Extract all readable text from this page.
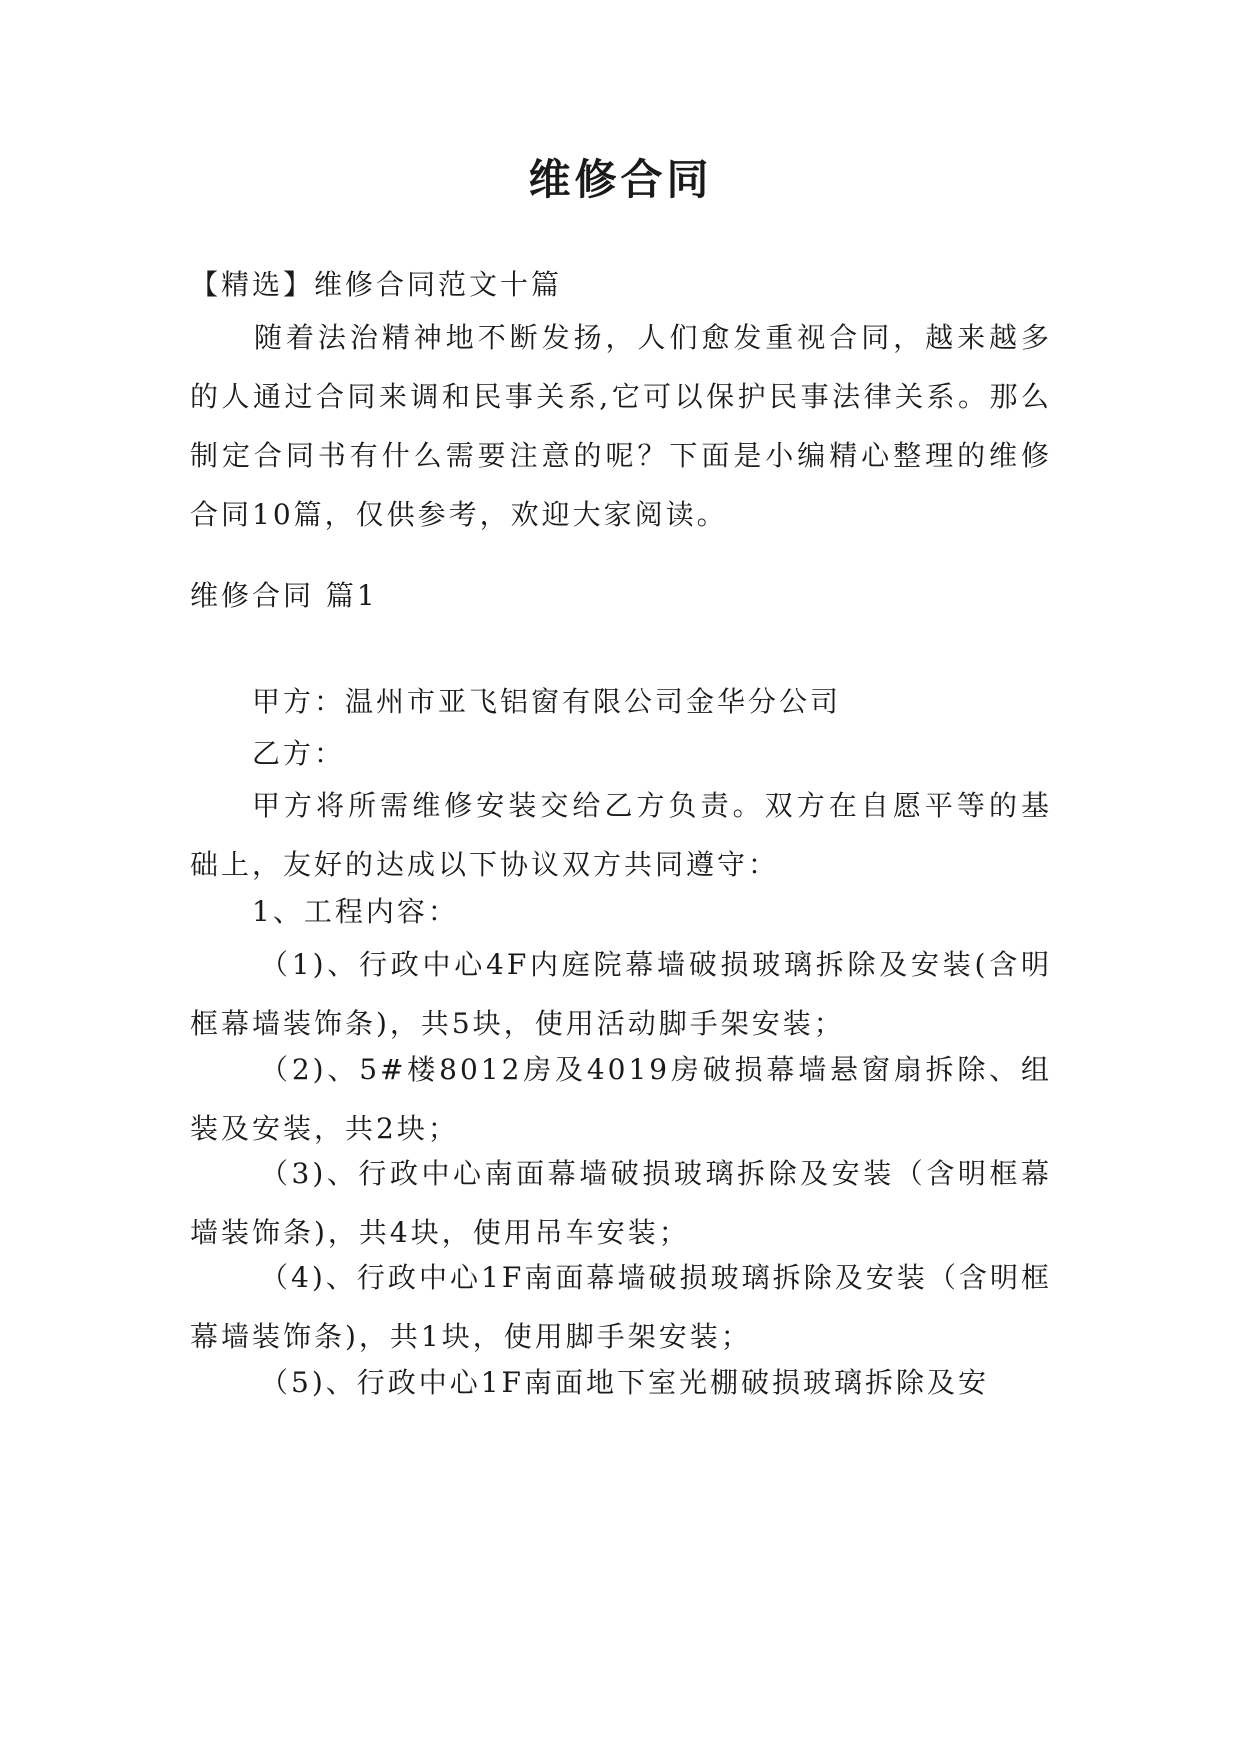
维修合同

【精选】维修合同范文十篇

随着法治精神地不断发扬，人们愈发重视合同，越来越多的人通过合同来调和民事关系,它可以保护民事法律关系。那么制定合同书有什么需要注意的呢？下面是小编精心整理的维修合同10篇，仅供参考，欢迎大家阅读。

维修合同 篇1

甲方：温州市亚飞铝窗有限公司金华分公司

乙方：

甲方将所需维修安装交给乙方负责。双方在自愿平等的基础上，友好的达成以下协议双方共同遵守：

1、工程内容：

（1)、行政中心4F内庭院幕墙破损玻璃拆除及安装(含明框幕墙装饰条)，共5块，使用活动脚手架安装；

（2)、5#楼8012房及4019房破损幕墙悬窗扇拆除、组装及安装，共2块；

（3)、行政中心南面幕墙破损玻璃拆除及安装（含明框幕墙装饰条)，共4块，使用吊车安装；

（4)、行政中心1F南面幕墙破损玻璃拆除及安装（含明框幕墙装饰条)，共1块，使用脚手架安装；

（5)、行政中心1F南面地下室光棚破损玻璃拆除及安
